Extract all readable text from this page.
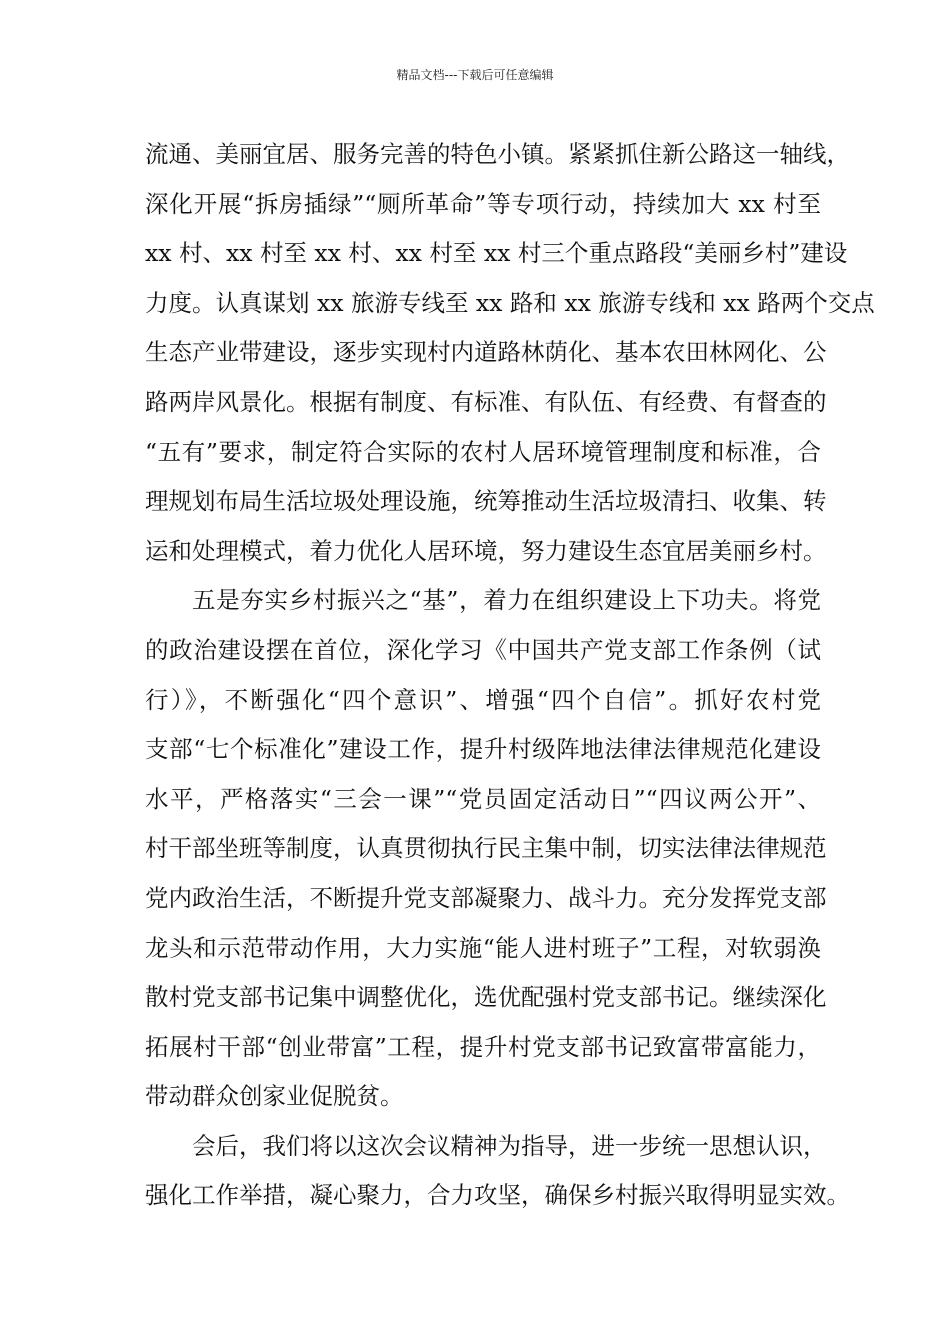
精品文档---下载后可任意编辑
流通、美丽宜居、服务完善的特色小镇。紧紧抓住新公路这一轴线，
深化开展“拆房插绿”“厕所革命”等专项行动，持续加大 xx 村至
xx 村、xx 村至 xx 村、xx 村至 xx 村三个重点路段“美丽乡村”建设
力度。认真谋划 xx 旅游专线至 xx 路和 xx 旅游专线和 xx 路两个交点
生态产业带建设，逐步实现村内道路林荫化、基本农田林网化、公
路两岸风景化。根据有制度、有标准、有队伍、有经费、有督查的
“五有”要求，制定符合实际的农村人居环境管理制度和标准，合
理规划布局生活垃圾处理设施，统筹推动生活垃圾清扫、收集、转
运和处理模式，着力优化人居环境，努力建设生态宜居美丽乡村。
五是夯实乡村振兴之“基”，着力在组织建设上下功夫。将党
的政治建设摆在首位，深化学习《中国共产党支部工作条例（试
行）》，不断强化“四个意识”、增强“四个自信”。抓好农村党
支部“七个标准化”建设工作，提升村级阵地法律法律规范化建设
水平，严格落实“三会一课”“党员固定活动日”“四议两公开”、
村干部坐班等制度，认真贯彻执行民主集中制，切实法律法律规范
党内政治生活，不断提升党支部凝聚力、战斗力。充分发挥党支部
龙头和示范带动作用，大力实施“能人进村班子”工程，对软弱涣
散村党支部书记集中调整优化，选优配强村党支部书记。继续深化
拓展村干部“创业带富”工程，提升村党支部书记致富带富能力，
带动群众创家业促脱贫。
会后，我们将以这次会议精神为指导，进一步统一思想认识，
强化工作举措，凝心聚力，合力攻坚，确保乡村振兴取得明显实效。
